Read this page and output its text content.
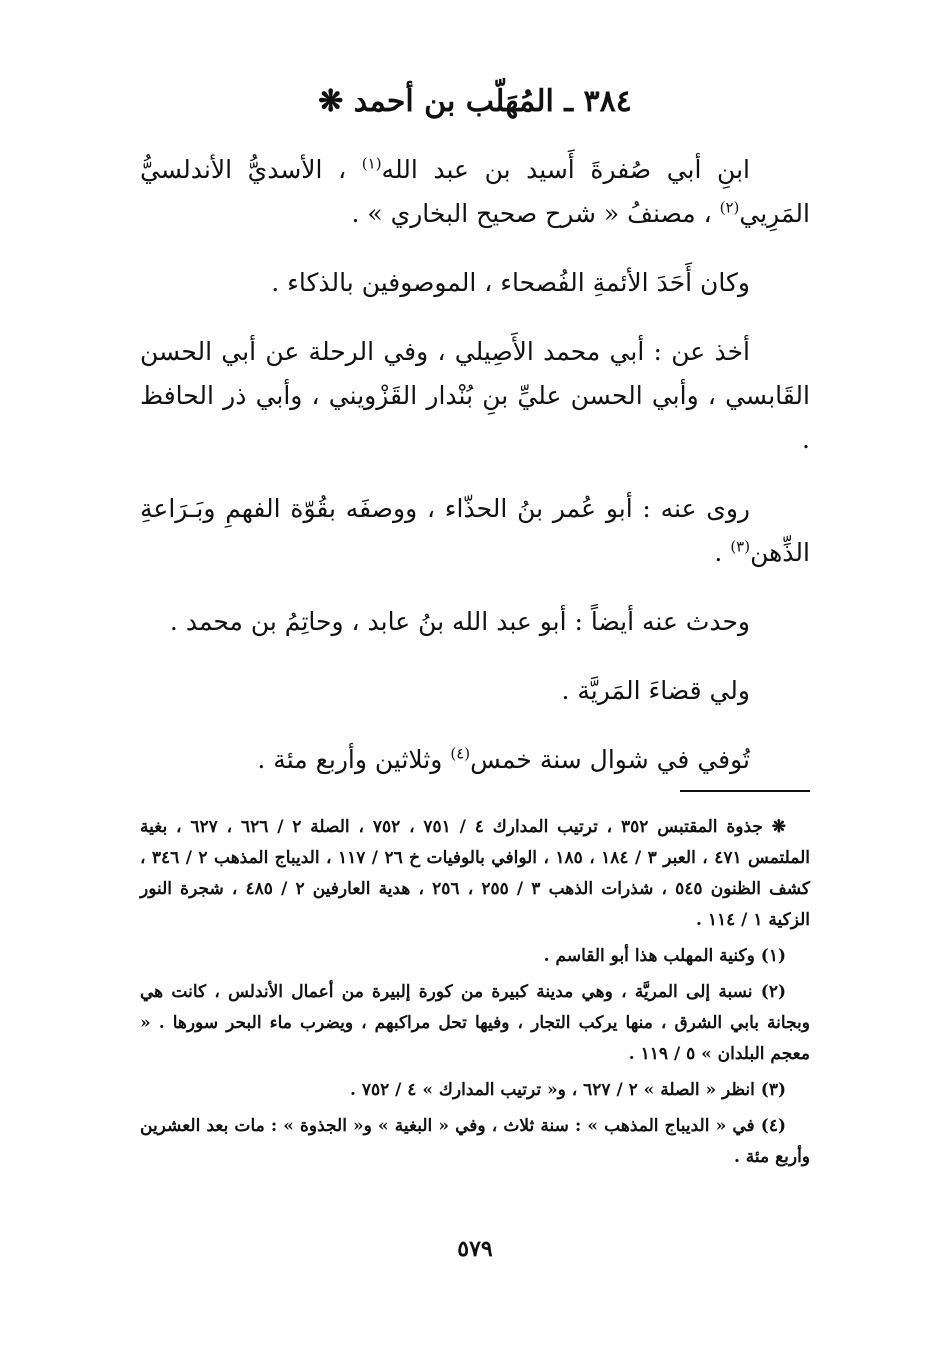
٣٨٤ ـ المُهَلّب بن أحمد ❋

ابنِ أبي صُفرةَ أَسيد بن عبد الله$^{(١)}$ ، الأسديُّ الأندلسيُّ المَرِيي$^{(٢)}$ ، مصنفُ « شرح صحيح البخاري » .

وكان أَحَدَ الأئمةِ الفُصحاء ، الموصوفين بالذكاء .

أخذ عن : أبي محمد الأَصِيلي ، وفي الرحلة عن أبي الحسن القَابسي ، وأبي الحسن عليِّ بنِ بُنْدار القَزْويني ، وأبي ذر الحافظ .

روى عنه : أبو عُمر بنُ الحذّاء ، ووصفَه بقُوّة الفهمِ وبَـرَاعةِ الذِّهن$^{(٣)}$ .

وحدث عنه أيضاً : أبو عبد الله بنُ عابد ، وحاتِمُ بن محمد .

ولي قضاءَ المَريَّة .

تُوفي في شوال سنة خمس$^{(٤)}$ وثلاثين وأربع مئة .

❋ جذوة المقتبس ٣٥٢ ، ترتيب المدارك ٤ / ٧٥١ ، ٧٥٢ ، الصلة ٢ / ٦٢٦ ، ٦٢٧ ، بغية الملتمس ٤٧١ ، العبر ٣ / ١٨٤ ، ١٨٥ ، الوافي بالوفيات خ ٢٦ / ١١٧ ، الديباج المذهب ٢ / ٣٤٦ ، كشف الظنون ٥٤٥ ، شذرات الذهب ٣ / ٢٥٥ ، ٢٥٦ ، هدية العارفين ٢ / ٤٨٥ ، شجرة النور الزكية ١ / ١١٤ .

(١) وكنية المهلب هذا أبو القاسم .

(٢) نسبة إلى المريَّة ، وهي مدينة كبيرة من كورة إلبيرة من أعمال الأندلس ، كانت هي وبجانة بابي الشرق ، منها يركب التجار ، وفيها تحل مراكبهم ، ويضرب ماء البحر سورها . « معجم البلدان » ٥ / ١١٩ .

(٣) انظر « الصلة » ٢ / ٦٢٧ ، و« ترتيب المدارك » ٤ / ٧٥٢ .

(٤) في « الديباج المذهب » : سنة ثلاث ، وفي « البغية » و« الجذوة » : مات بعد العشرين وأربع مئة .

٥٧٩
